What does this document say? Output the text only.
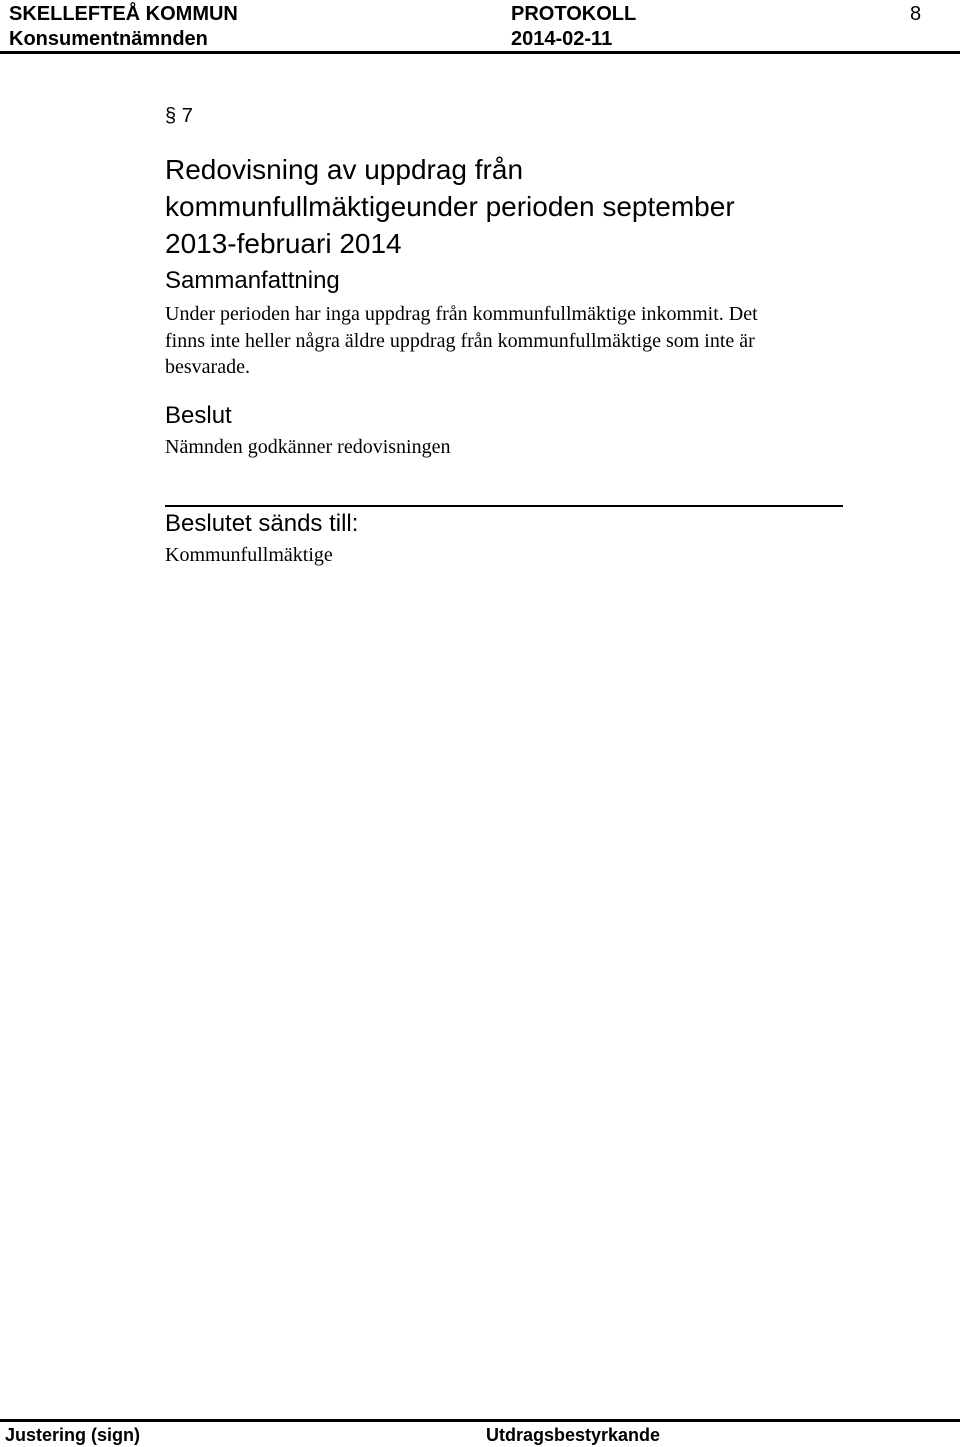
SKELLEFTEÅ KOMMUN	PROTOKOLL	8
Konsumentnämnden	2014-02-11
§ 7
Redovisning av uppdrag från
kommunfullmäktigeunder perioden september
2013-februari 2014
Sammanfattning
Under perioden har inga uppdrag från kommunfullmäktige inkommit. Det
finns inte heller några äldre uppdrag från kommunfullmäktige som inte är
besvarade.
Beslut
Nämnden godkänner redovisningen
Beslutet sänds till:
Kommunfullmäktige
Justering (sign)	Utdragsbestyrkande
